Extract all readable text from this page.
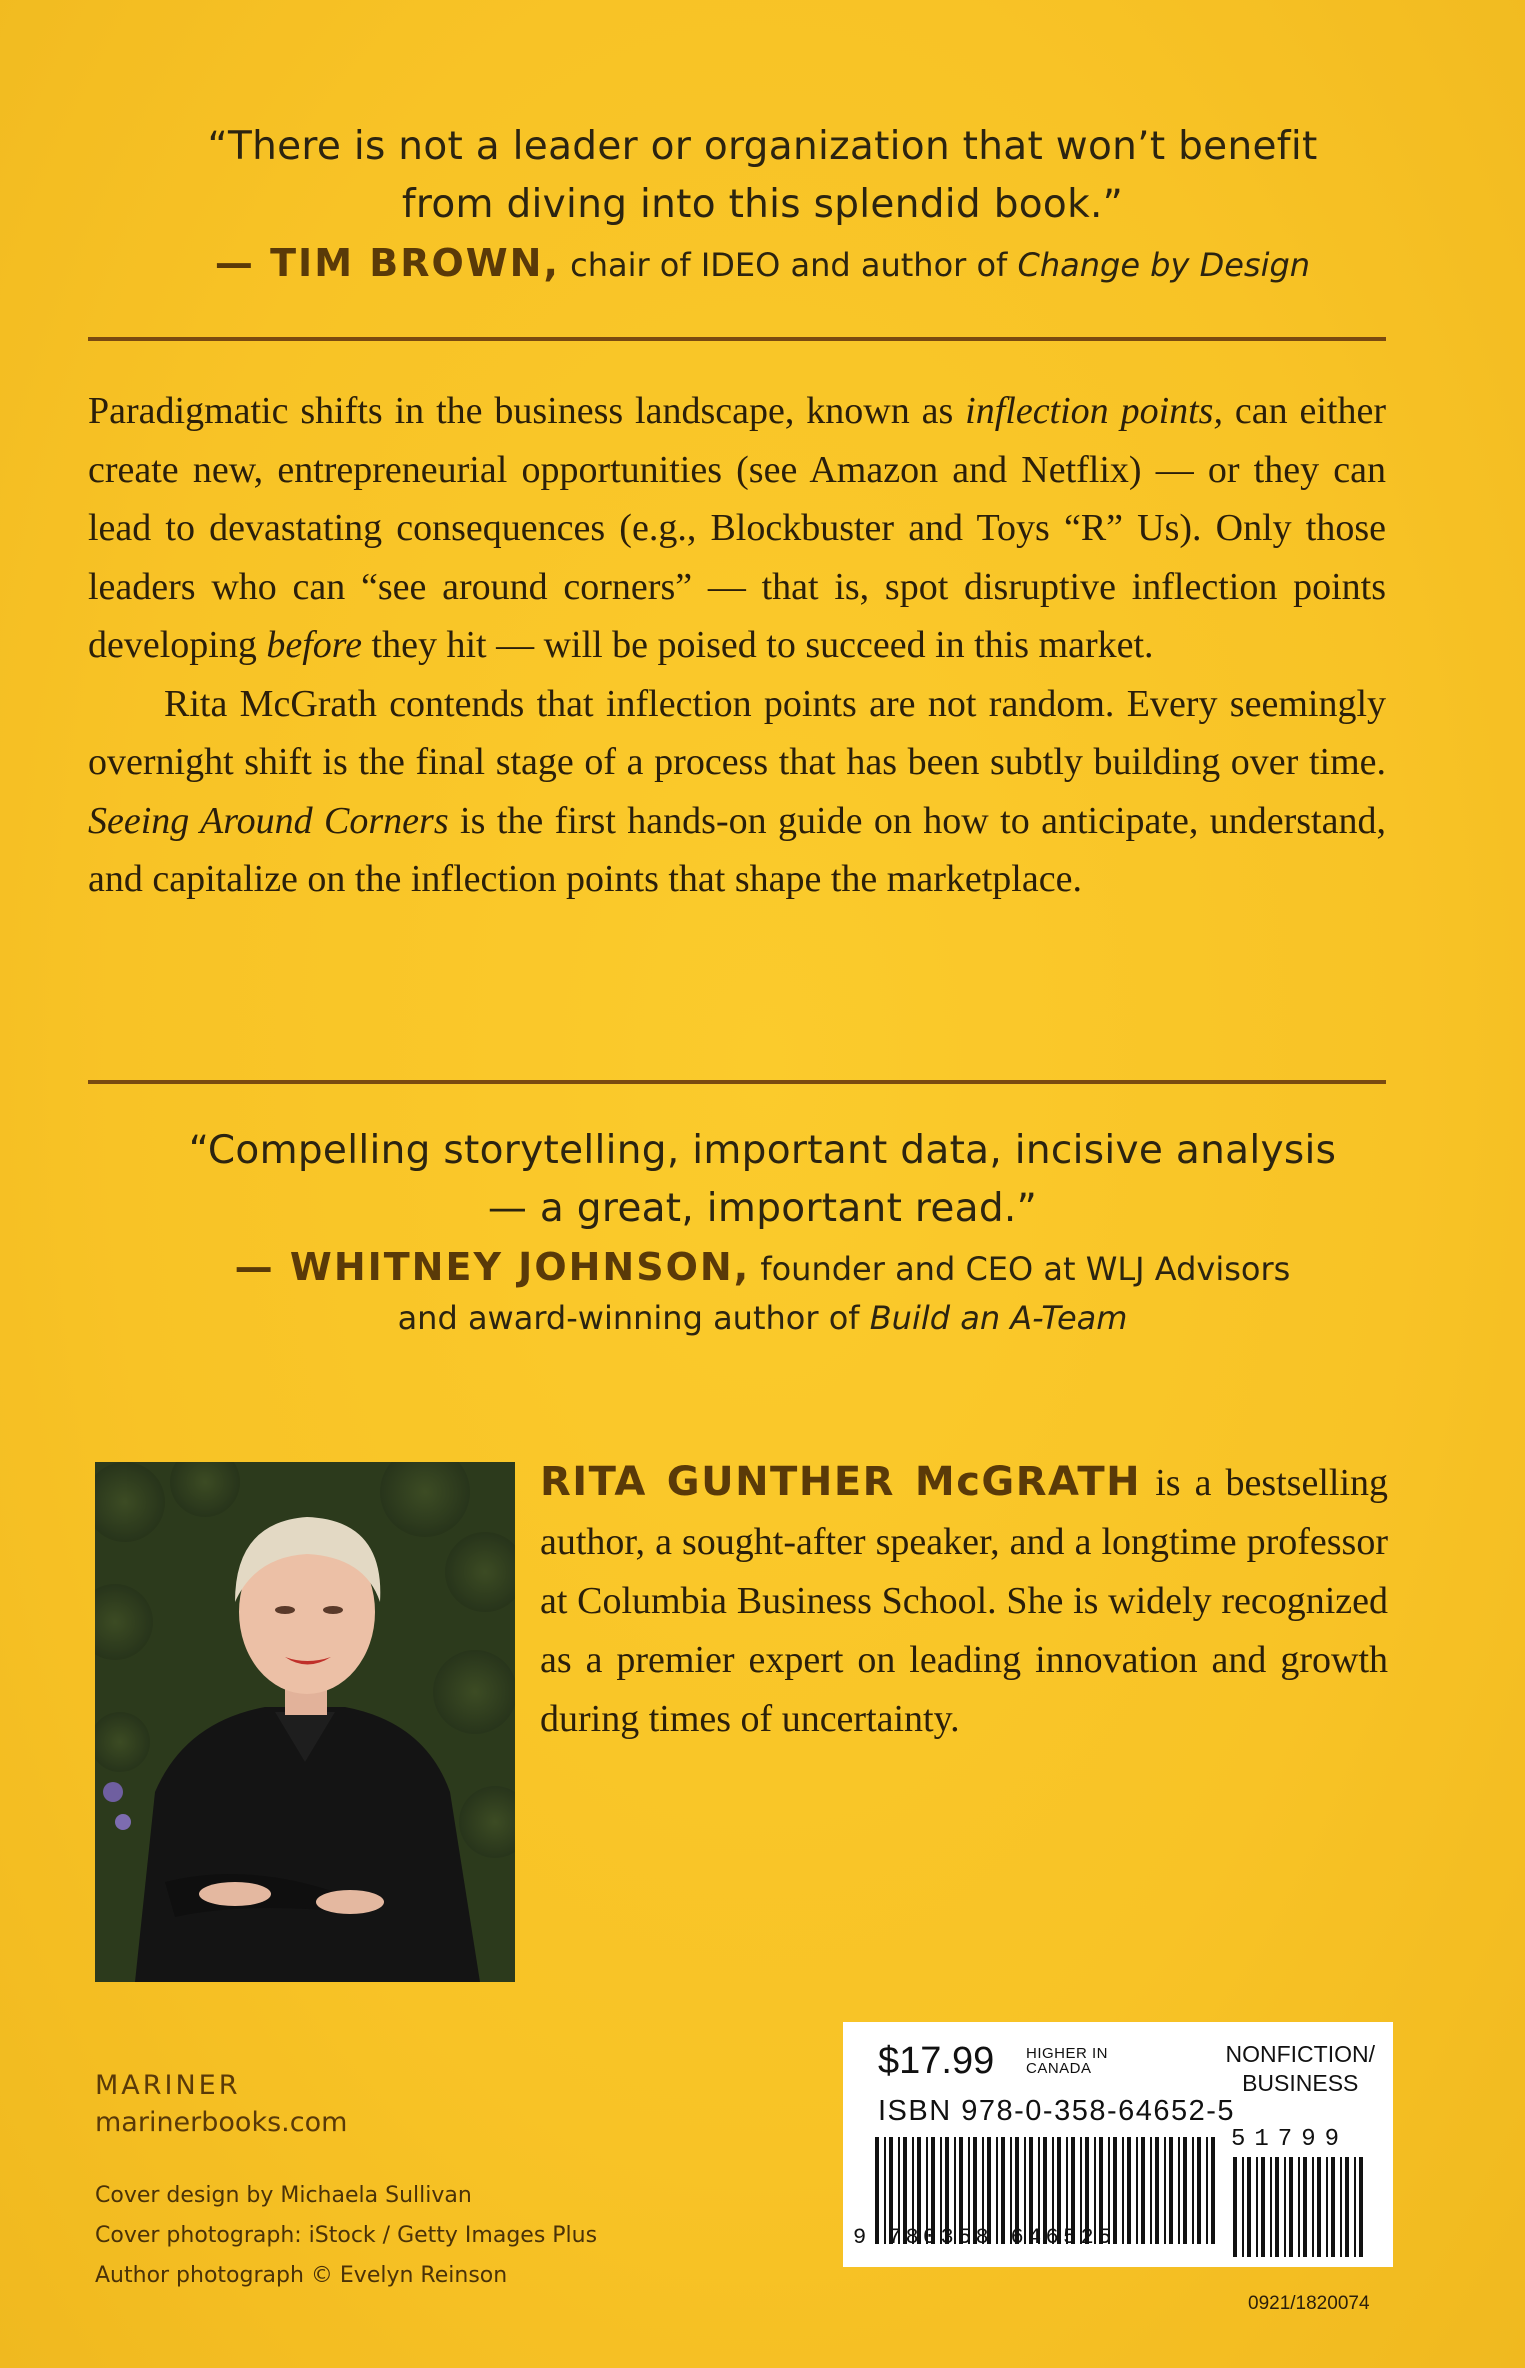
“There is not a leader or organization that won’t benefit
from diving into this splendid book.”
— TIM BROWN, chair of IDEO and author of Change by Design

Paradigmatic shifts in the business landscape, known as inflection points, can either create new, entrepreneurial opportunities (see Amazon and Netflix) — or they can lead to devastating consequences (e.g., Blockbuster and Toys “R” Us). Only those leaders who can “see around corners” — that is, spot disruptive inflection points developing before they hit — will be poised to succeed in this market.

Rita McGrath contends that inflection points are not random. Every seemingly overnight shift is the final stage of a process that has been subtly building over time. Seeing Around Corners is the first hands-on guide on how to anticipate, understand, and capitalize on the inflection points that shape the marketplace.

“Compelling storytelling, important data, incisive analysis
— a great, important read.”
— WHITNEY JOHNSON, founder and CEO at WLJ Advisors
and award-winning author of Build an A-Team
RITA GUNTHER McGRATH is a bestselling author, a sought-after speaker, and a longtime professor at Columbia Business School. She is widely recognized as a premier expert on leading innovation and growth during times of uncertainty.
MARINER
marinerbooks.com
Cover design by Michaela Sullivan
Cover photograph: iStock / Getty Images Plus
Author photograph © Evelyn Reinson
$17.99 HIGHER IN
CANADA
NONFICTION/
BUSINESS
ISBN 978-0-358-64652-5
51799
9 780358 646525
0921/1820074
